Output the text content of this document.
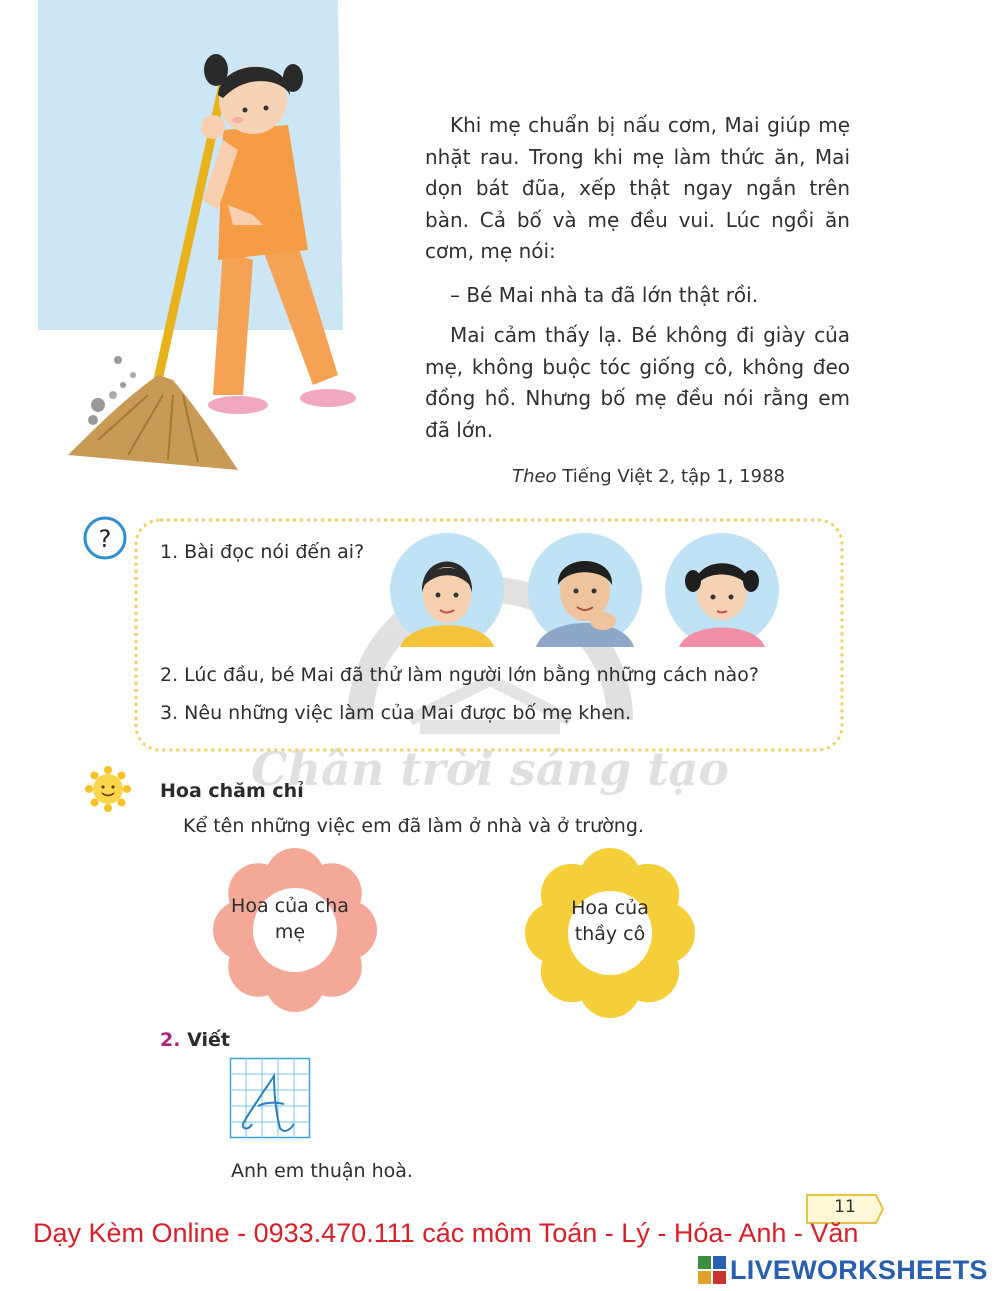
Khi mẹ chuẩn bị nấu cơm, Mai giúp mẹ nhặt rau. Trong khi mẹ làm thức ăn, Mai dọn bát đũa, xếp thật ngay ngắn trên bàn. Cả bố và mẹ đều vui. Lúc ngồi ăn cơm, mẹ nói:

– Bé Mai nhà ta đã lớn thật rồi.

Mai cảm thấy lạ. Bé không đi giày của mẹ, không buộc tóc giống cô, không đeo đồng hồ. Nhưng bố mẹ đều nói rằng em đã lớn.

Theo Tiếng Việt 2, tập 1, 1988
Chân trời sáng tạo
?	1. Bài đọc nói đến ai?
2. Lúc đầu, bé Mai đã thử làm người lớn bằng những cách nào?
3. Nêu những việc làm của Mai được bố mẹ khen.
Hoa chăm chỉ
Kể tên những việc em đã làm ở nhà và ở trường.
Hoa của cha mẹ
Hoa của thầy cô
2. Viết
Anh em thuận hoà.
11
Dạy Kèm Online - 0933.470.111 các môm Toán - Lý - Hóa- Anh - Văn
LIVEWORKSHEETS
